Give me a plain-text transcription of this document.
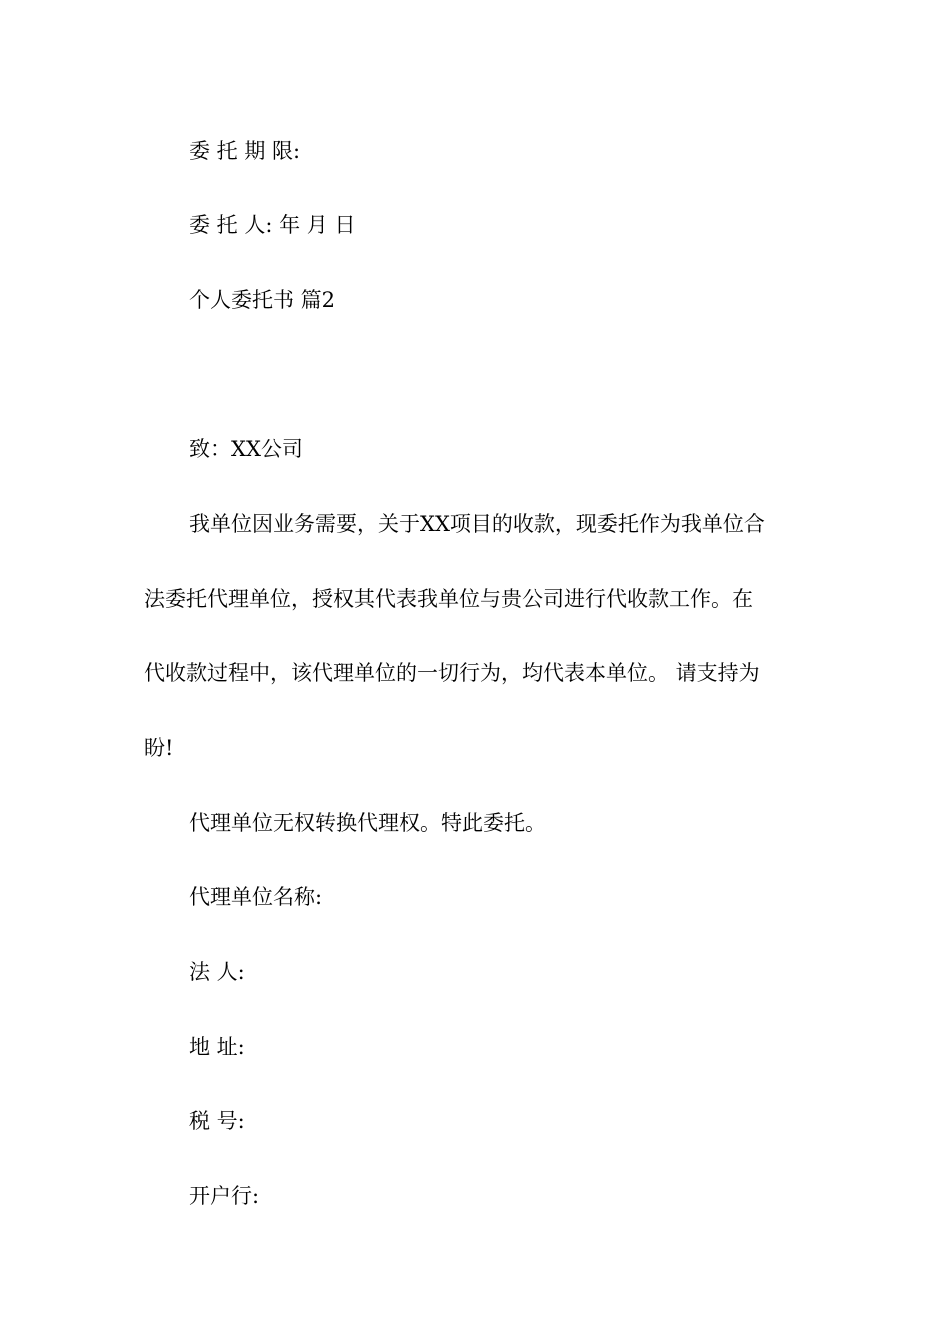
委 托 期 限:
委 托 人: 年 月 日
个人委托书 篇2
致：XX公司
我单位因业务需要，关于XX项目的收款，现委托作为我单位合
法委托代理单位，授权其代表我单位与贵公司进行代收款工作。在
代收款过程中，该代理单位的一切行为，均代表本单位。 请支持为
盼!
代理单位无权转换代理权。特此委托。
代理单位名称:
法 人:
地 址:
税 号:
开户行:
